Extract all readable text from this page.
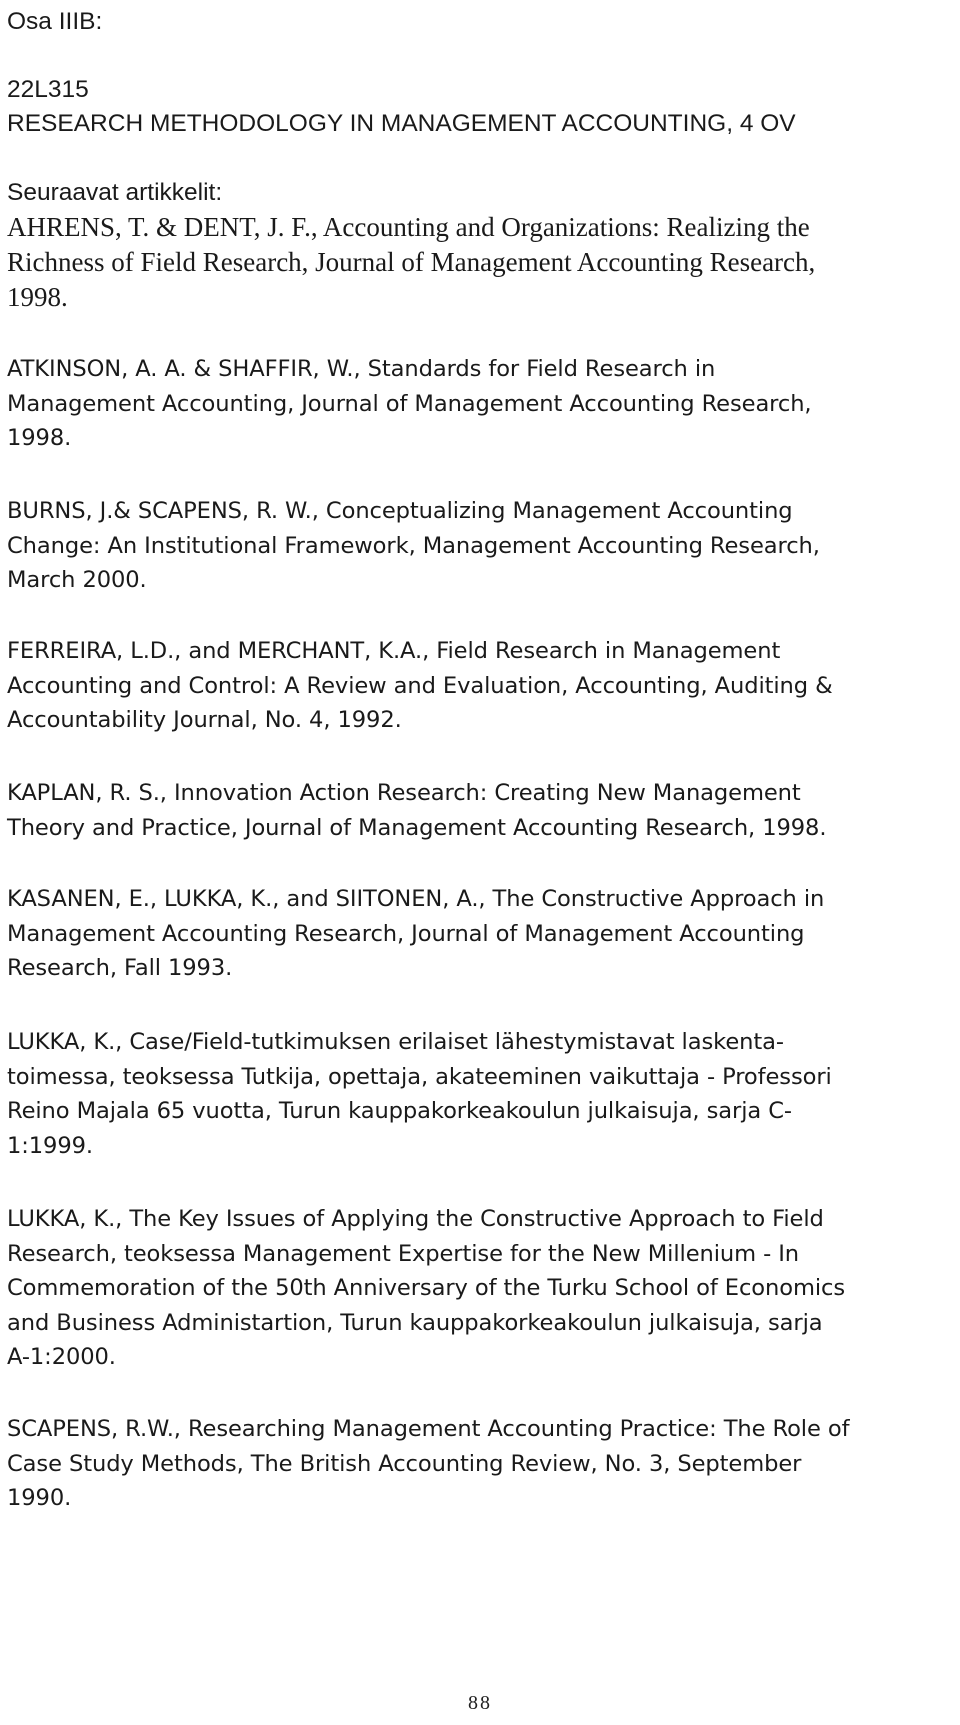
Osa IIIB:
22L315
RESEARCH METHODOLOGY IN MANAGEMENT ACCOUNTING, 4 OV
Seuraavat artikkelit:
AHRENS, T. & DENT, J. F., Accounting and Organizations: Realizing the
Richness of Field Research, Journal of Management Accounting Research,
1998.
ATKINSON, A. A. & SHAFFIR, W., Standards for Field Research in
Management Accounting, Journal of Management Accounting Research,
1998.
BURNS, J.& SCAPENS, R. W., Conceptualizing Management Accounting
Change: An Institutional Framework, Management Accounting Research,
March 2000.
FERREIRA, L.D., and MERCHANT, K.A., Field Research in Management
Accounting and Control: A Review and Evaluation, Accounting, Auditing &
Accountability Journal, No. 4, 1992.
KAPLAN, R. S., Innovation Action Research: Creating New Management
Theory and Practice, Journal of Management Accounting Research, 1998.
KASANEN, E., LUKKA, K., and SIITONEN, A., The Constructive Approach in
Management Accounting Research, Journal of Management Accounting
Research, Fall 1993.
LUKKA, K., Case/Field-tutkimuksen erilaiset lähestymistavat laskenta-
toimessa, teoksessa Tutkija, opettaja, akateeminen vaikuttaja - Professori
Reino Majala 65 vuotta, Turun kauppakorkeakoulun julkaisuja, sarja C-
1:1999.
LUKKA, K., The Key Issues of Applying the Constructive Approach to Field
Research, teoksessa Management Expertise for the New Millenium - In
Commemoration of the 50th Anniversary of the Turku School of Economics
and Business Administartion, Turun kauppakorkeakoulun julkaisuja, sarja
A-1:2000.
SCAPENS, R.W., Researching Management Accounting Practice: The Role of
Case Study Methods, The British Accounting Review, No. 3, September
1990.
88
